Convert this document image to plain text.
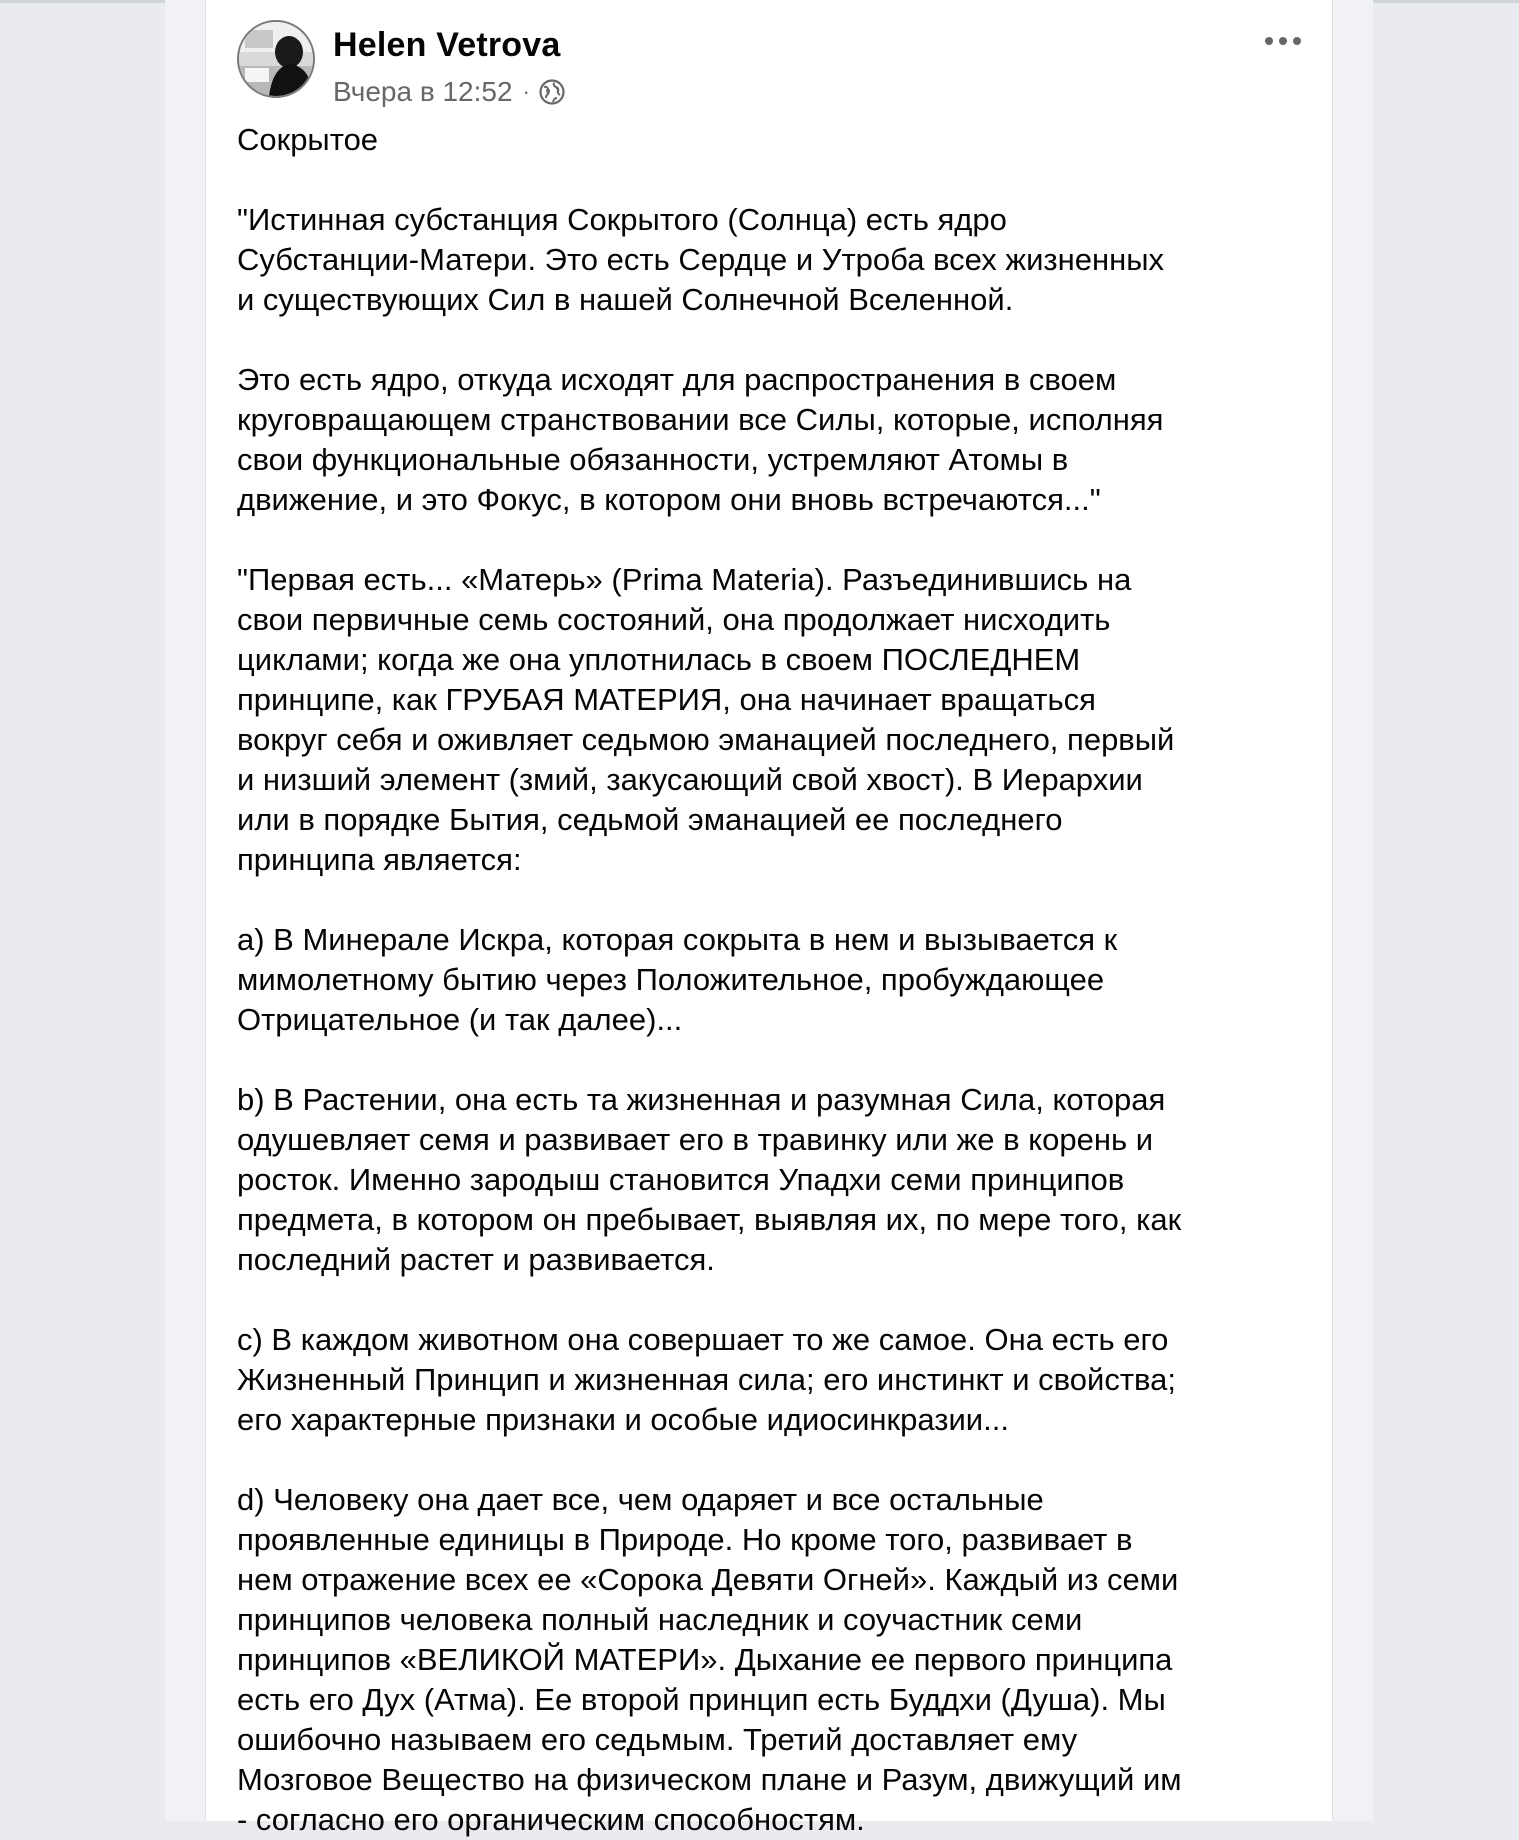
Helen Vetrova
Вчера в 12:52 ·

Сокрытое

"Истинная субстанция Сокрытого (Солнца) есть ядро
Субстанции-Матери. Это есть Сердце и Утроба всех жизненных
и существующих Сил в нашей Солнечной Вселенной.

Это есть ядро, откуда исходят для распространения в своем
круговращающем странствовании все Силы, которые, исполняя
свои функциональные обязанности, устремляют Атомы в
движение, и это Фокус, в котором они вновь встречаются..."

"Первая есть... «Матерь» (Prima Materia). Разъединившись на
свои первичные семь состояний, она продолжает нисходить
циклами; когда же она уплотнилась в своем ПОСЛЕДНЕМ
принципе, как ГРУБАЯ МАТЕРИЯ, она начинает вращаться
вокруг себя и оживляет седьмою эманацией последнего, первый
и низший элемент (змий, закусающий свой хвост). В Иерархии
или в порядке Бытия, седьмой эманацией ее последнего
принципа является:

a) В Минерале Искра, которая сокрыта в нем и вызывается к
мимолетному бытию через Положительное, пробуждающее
Отрицательное (и так далее)...

b) В Растении, она есть та жизненная и разумная Сила, которая
одушевляет семя и развивает его в травинку или же в корень и
росток. Именно зародыш становится Упадхи семи принципов
предмета, в котором он пребывает, выявляя их, по мере того, как
последний растет и развивается.

c) В каждом животном она совершает то же самое. Она есть его
Жизненный Принцип и жизненная сила; его инстинкт и свойства;
его характерные признаки и особые идиосинкразии...

d) Человеку она дает все, чем одаряет и все остальные
проявленные единицы в Природе. Но кроме того, развивает в
нем отражение всех ее «Сорока Девяти Огней». Каждый из семи
принципов человека полный наследник и соучастник семи
принципов «ВЕЛИКОЙ МАТЕРИ». Дыхание ее первого принципа
есть его Дух (Атма). Ее второй принцип есть Буддхи (Душа). Мы
ошибочно называем его седьмым. Третий доставляет ему
Мозговое Вещество на физическом плане и Разум, движущий им
- согласно его органическим способностям.
